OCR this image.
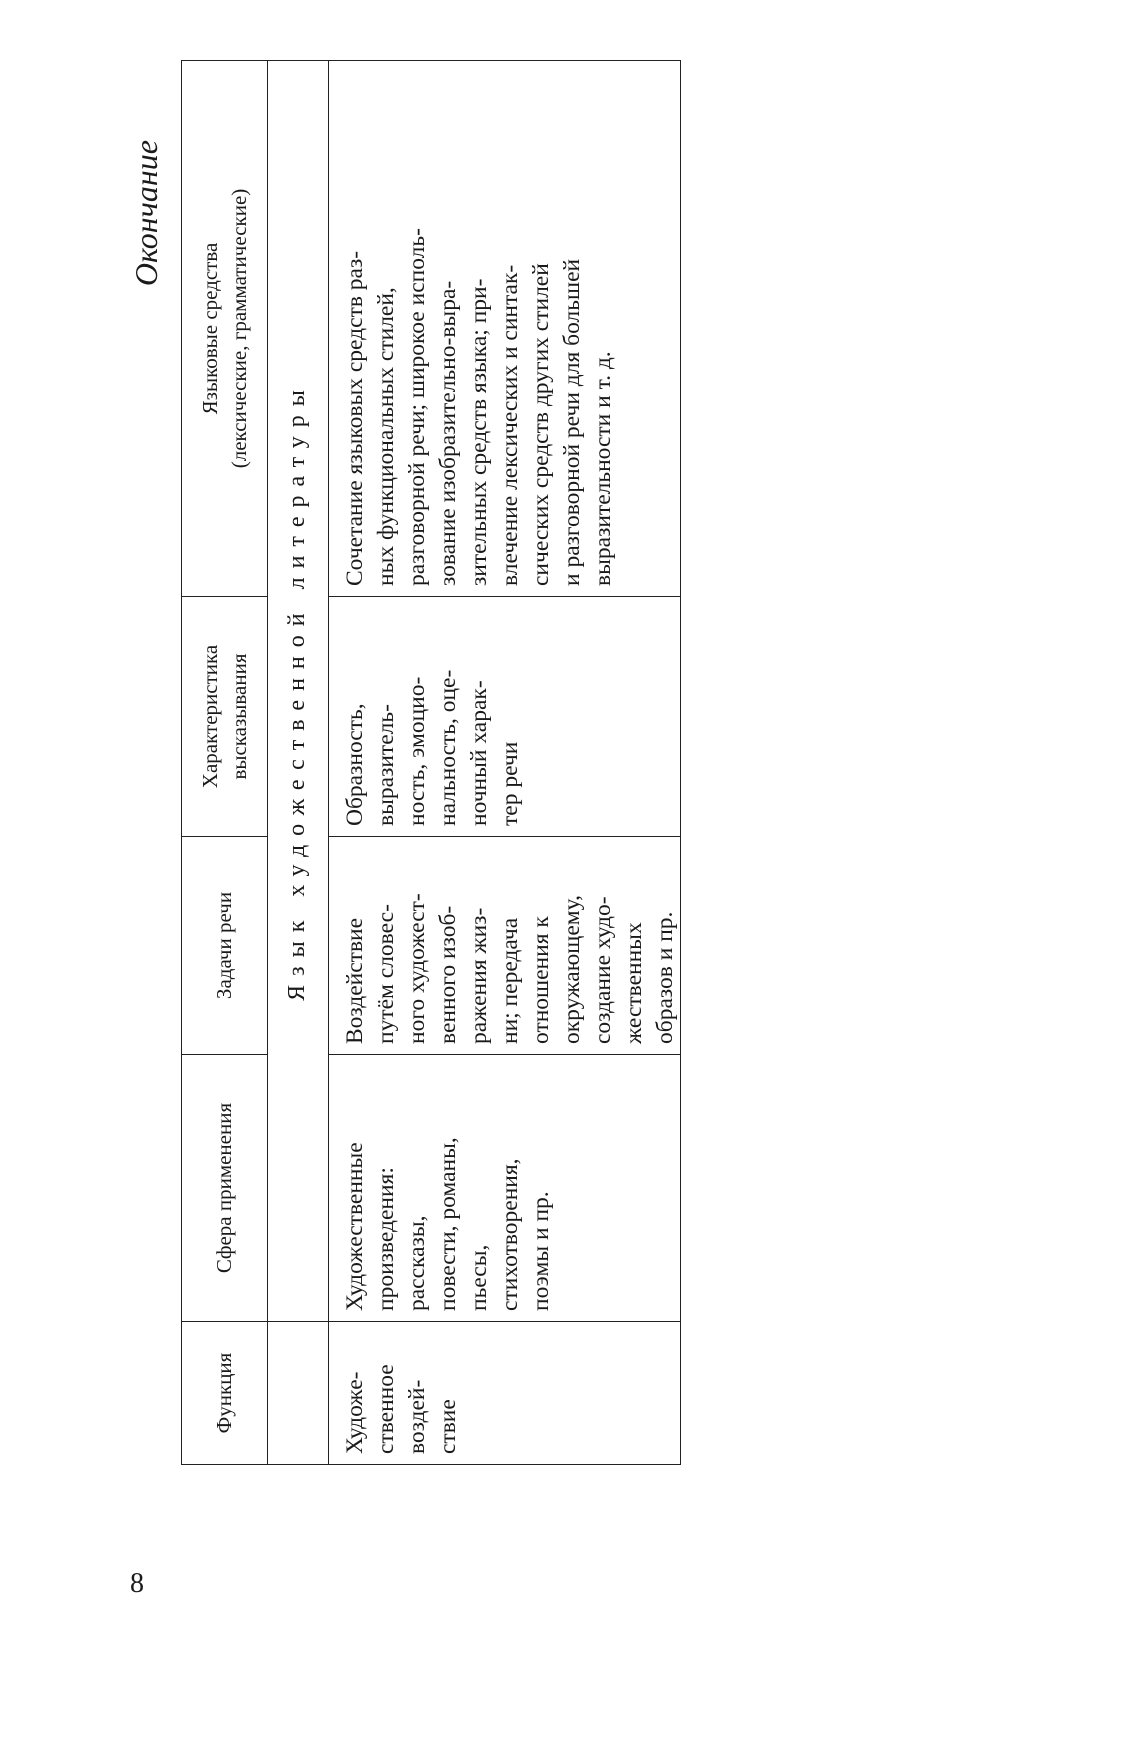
8
Окончание
Функция
Сфера применения
Задачи речи
Характеристика высказывания
Языковые средства (лексические, грамматические)
Язык художественной литературы
Художе- ственное воздей- ствие
Художественные произведения: рассказы, повести, романы, пьесы, стихотворения, поэмы и пр.
Воздействие путём словес- ного художест- венного изоб- ражения жиз- ни; передача отношения к окружающему, создание худо- жественных образов и пр.
Образность, выразитель- ность, эмоцио- нальность, оце- ночный харак- тер речи
Сочетание языковых средств раз- ных функциональных стилей, разговорной речи; широкое исполь- зование изобразительно-выра- зительных средств языка; при- влечение лексических и синтак- сических средств других стилей и разговорной речи для большей выразительности и т. д.
